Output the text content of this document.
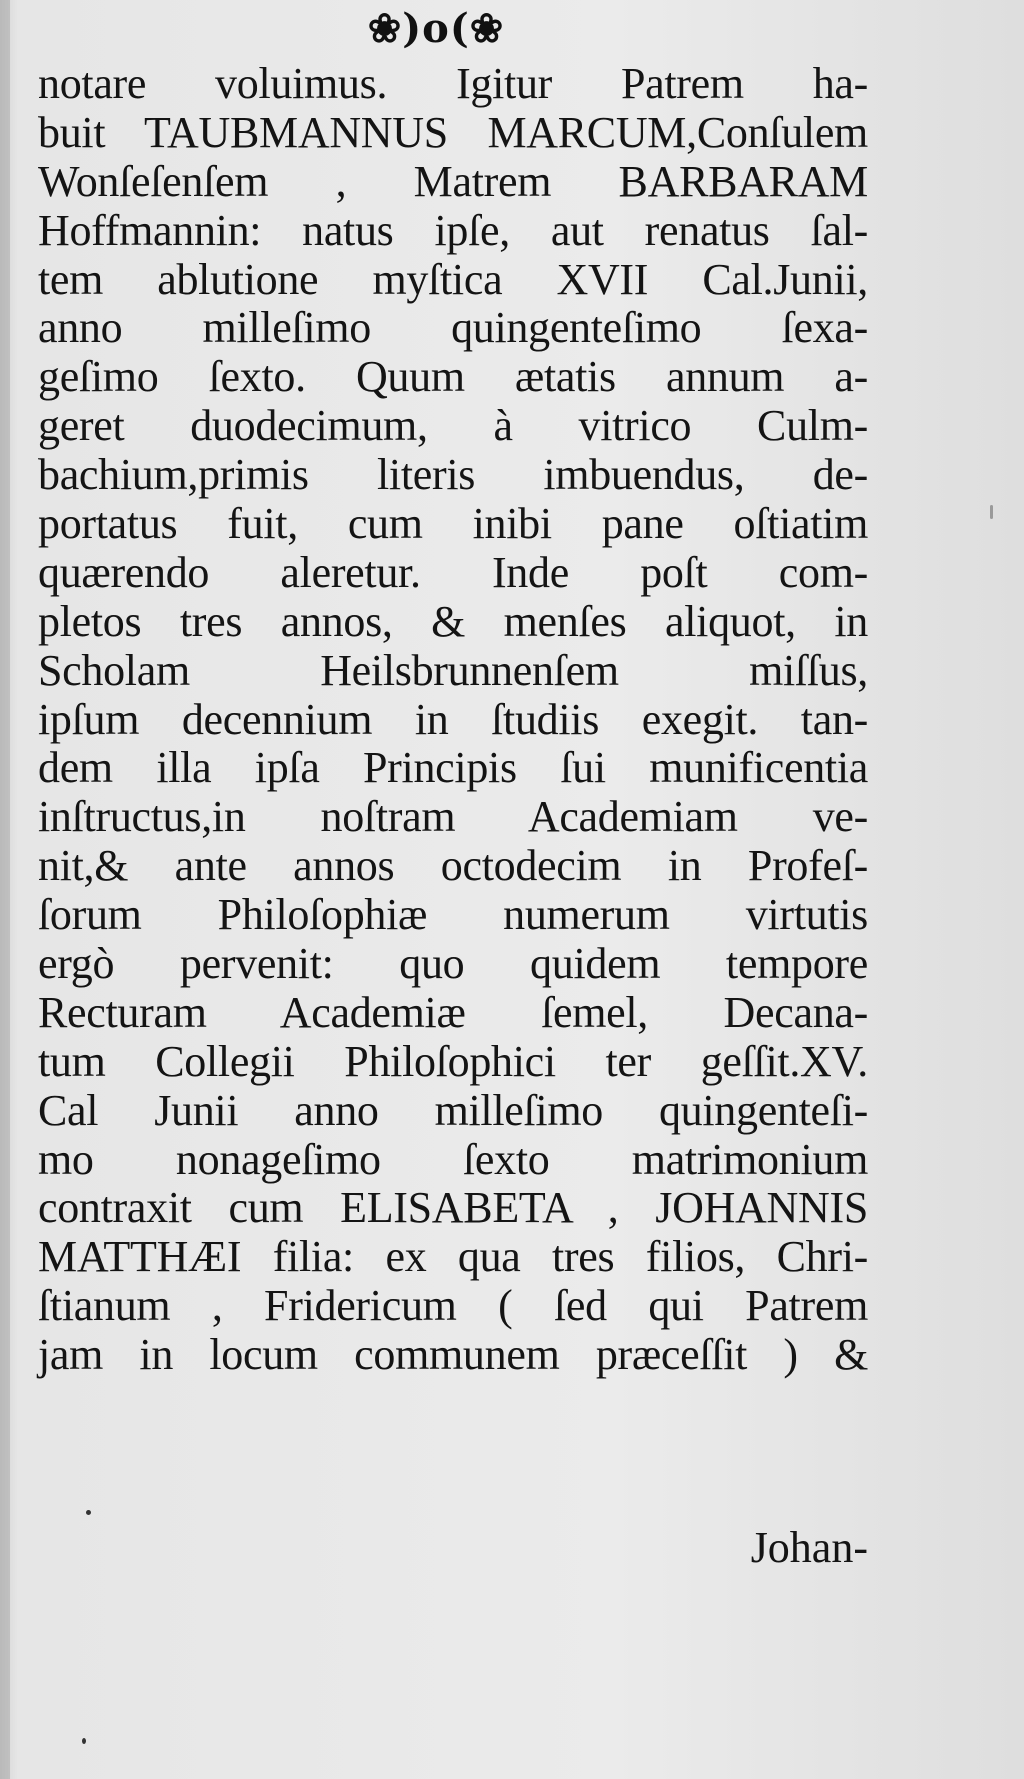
❀)o(❀
notare voluimus. Igitur Patrem ha-
buit TAUBMANNUS MARCUM,Conſulem
Wonſeſenſem , Matrem BARBARAM
Hoffmannin: natus ipſe, aut renatus ſal-
tem ablutione myſtica XVII Cal.Junii,
anno milleſimo quingenteſimo ſexa-
geſimo ſexto. Quum ætatis annum a-
geret duodecimum, à vitrico Culm-
bachium,primis literis imbuendus, de-
portatus fuit, cum inibi pane oſtiatim
quærendo aleretur. Inde poſt com-
pletos tres annos, & menſes aliquot, in
Scholam Heilsbrunnenſem miſſus,
ipſum decennium in ſtudiis exegit. tan-
dem illa ipſa Principis ſui munificentia
inſtructus,in noſtram Academiam ve-
nit,& ante annos octodecim in Profeſ-
ſorum Philoſophiæ numerum virtutis
ergò pervenit: quo quidem tempore
Recturam Academiæ ſemel, Decana-
tum Collegii Philoſophici ter geſſit.XV.
Cal Junii anno milleſimo quingenteſi-
mo nonageſimo ſexto matrimonium
contraxit cum ELISABETA , JOHANNIS
MATTHÆI filia: ex qua tres filios, Chri-
ſtianum , Fridericum ( ſed qui Patrem
jam in locum communem præceſſit ) &
Johan-
